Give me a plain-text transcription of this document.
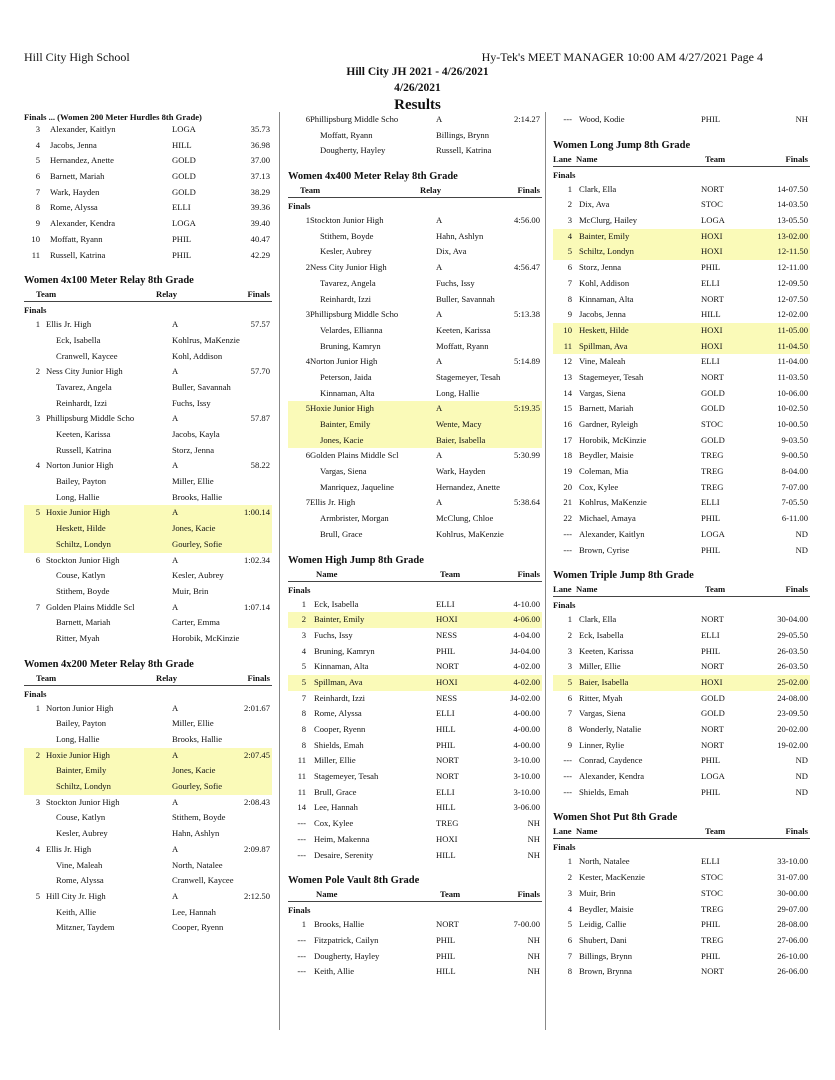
Hill City High School	Hy-Tek's MEET MANAGER 10:00 AM 4/27/2021 Page 4
Hill City JH 2021 - 4/26/2021
4/26/2021
Results
Finals ... (Women 200 Meter Hurdles 8th Grade)
3 Alexander, Kaitlyn	LOGA	35.73
4 Jacobs, Jenna	HILL	36.98
5 Hernandez, Anette	GOLD	37.00
6 Barnett, Mariah	GOLD	37.13
7 Wark, Hayden	GOLD	38.29
8 Rome, Alyssa	ELLI	39.36
9 Alexander, Kendra	LOGA	39.40
10 Moffatt, Ryann	PHIL	40.47
11 Russell, Katrina	PHIL	42.29
Women 4x100 Meter Relay 8th Grade
Team	Relay	Finals
Finals
1 Ellis Jr. High	A	57.57
Eck, Isabella	Kohlrus, MaKenzie
Cranwell, Kaycee	Kohl, Addison
2 Ness City Junior High	A	57.70
Tavarez, Angela	Buller, Savannah
Reinhardt, Izzi	Fuchs, Issy
3 Phillipsburg Middle Scho	A	57.87
Keeten, Karissa	Jacobs, Kayla
Russell, Katrina	Storz, Jenna
4 Norton Junior High	A	58.22
Bailey, Payton	Miller, Ellie
Long, Hallie	Brooks, Hallie
5 Hoxie Junior High	A	1:00.14
Heskett, Hilde	Jones, Kacie
Schiltz, Londyn	Gourley, Sofie
6 Stockton Junior High	A	1:02.34
Couse, Katlyn	Kesler, Aubrey
Stithem, Boyde	Muir, Brin
7 Golden Plains Middle Scl	A	1:07.14
Barnett, Mariah	Carter, Emma
Ritter, Myah	Horobik, McKinzie
Women 4x200 Meter Relay 8th Grade
Team	Relay	Finals
Finals
1 Norton Junior High	A	2:01.67
Bailey, Payton	Miller, Ellie
Long, Hallie	Brooks, Hallie
2 Hoxie Junior High	A	2:07.45
Bainter, Emily	Jones, Kacie
Schiltz, Londyn	Gourley, Sofie
3 Stockton Junior High	A	2:08.43
Couse, Katlyn	Stithem, Boyde
Kesler, Aubrey	Hahn, Ashlyn
4 Ellis Jr. High	A	2:09.87
Vine, Maleah	North, Natalee
Rome, Alyssa	Cranwell, Kaycee
5 Hill City Jr. High	A	2:12.50
Keith, Allie	Lee, Hannah
Mitzner, Taydem	Cooper, Ryenn
6 Phillipsburg Middle Scho	A	2:14.27
Moffatt, Ryann	Billings, Brynn
Dougherty, Hayley	Russell, Katrina
Women 4x400 Meter Relay 8th Grade
Team	Relay	Finals
Finals
1 Stockton Junior High	A	4:56.00
Stithem, Boyde	Hahn, Ashlyn
Kesler, Aubrey	Dix, Ava
2 Ness City Junior High	A	4:56.47
Tavarez, Angela	Fuchs, Issy
Reinhardt, Izzi	Buller, Savannah
3 Phillipsburg Middle Scho	A	5:13.38
Velardes, Ellianna	Keeten, Karissa
Bruning, Kamryn	Moffatt, Ryann
4 Norton Junior High	A	5:14.89
Peterson, Jaida	Stagemeyer, Tesah
Kinnaman, Alta	Long, Hallie
5 Hoxie Junior High	A	5:19.35
Bainter, Emily	Wente, Macy
Jones, Kacie	Baier, Isabella
6 Golden Plains Middle Scl	A	5:30.99
Vargas, Siena	Wark, Hayden
Manriquez, Jaqueline	Hernandez, Anette
7 Ellis Jr. High	A	5:38.64
Armbrister, Morgan	McClung, Chloe
Brull, Grace	Kohlrus, MaKenzie
Women High Jump 8th Grade
Name	Team	Finals
Finals
1 Eck, Isabella	ELLI	4-10.00
2 Bainter, Emily	HOXI	4-06.00
3 Fuchs, Issy	NESS	4-04.00
4 Bruning, Kamryn	PHIL	J4-04.00
5 Kinnaman, Alta	NORT	4-02.00
5 Spillman, Ava	HOXI	4-02.00
7 Reinhardt, Izzi	NESS	J4-02.00
8 Rome, Alyssa	ELLI	4-00.00
8 Cooper, Ryenn	HILL	4-00.00
8 Shields, Emah	PHIL	4-00.00
11 Miller, Ellie	NORT	3-10.00
11 Stagemeyer, Tesah	NORT	3-10.00
11 Brull, Grace	ELLI	3-10.00
14 Lee, Hannah	HILL	3-06.00
--- Cox, Kylee	TREG	NH
--- Heim, Makenna	HOXI	NH
--- Desaire, Serenity	HILL	NH
Women Pole Vault 8th Grade
Name	Team	Finals
Finals
1 Brooks, Hallie	NORT	7-00.00
--- Fitzpatrick, Cailyn	PHIL	NH
--- Dougherty, Hayley	PHIL	NH
--- Keith, Allie	HILL	NH
--- Wood, Kodie	PHIL	NH
Women Long Jump 8th Grade
Lane Name	Team	Finals
Finals
1 Clark, Ella	NORT	14-07.50
2 Dix, Ava	STOC	14-03.50
3 McClurg, Hailey	LOGA	13-05.50
4 Bainter, Emily	HOXI	13-02.00
5 Schiltz, Londyn	HOXI	12-11.50
6 Storz, Jenna	PHIL	12-11.00
7 Kohl, Addison	ELLI	12-09.50
8 Kinnaman, Alta	NORT	12-07.50
9 Jacobs, Jenna	HILL	12-02.00
10 Heskett, Hilde	HOXI	11-05.00
11 Spillman, Ava	HOXI	11-04.50
12 Vine, Maleah	ELLI	11-04.00
13 Stagemeyer, Tesah	NORT	11-03.50
14 Vargas, Siena	GOLD	10-06.00
15 Barnett, Mariah	GOLD	10-02.50
16 Gardner, Ryleigh	STOC	10-00.50
17 Horobik, McKinzie	GOLD	9-03.50
18 Beydler, Maisie	TREG	9-00.50
19 Coleman, Mia	TREG	8-04.00
20 Cox, Kylee	TREG	7-07.00
21 Kohlrus, MaKenzie	ELLI	7-05.50
22 Michael, Amaya	PHIL	6-11.00
--- Alexander, Kaitlyn	LOGA	ND
--- Brown, Cyrise	PHIL	ND
Women Triple Jump 8th Grade
Lane Name	Team	Finals
Finals
1 Clark, Ella	NORT	30-04.00
2 Eck, Isabella	ELLI	29-05.50
3 Keeten, Karissa	PHIL	26-03.50
3 Miller, Ellie	NORT	26-03.50
5 Baier, Isabella	HOXI	25-02.00
6 Ritter, Myah	GOLD	24-08.00
7 Vargas, Siena	GOLD	23-09.50
8 Wonderly, Natalie	NORT	20-02.00
9 Linner, Rylie	NORT	19-02.00
--- Conrad, Caydence	PHIL	ND
--- Alexander, Kendra	LOGA	ND
--- Shields, Emah	PHIL	ND
Women Shot Put 8th Grade
Lane Name	Team	Finals
Finals
1 North, Natalee	ELLI	33-10.00
2 Kester, MacKenzie	STOC	31-07.00
3 Muir, Brin	STOC	30-00.00
4 Beydler, Maisie	TREG	29-07.00
5 Leidig, Callie	PHIL	28-08.00
6 Shubert, Dani	TREG	27-06.00
7 Billings, Brynn	PHIL	26-10.00
8 Brown, Brynna	NORT	26-06.00
